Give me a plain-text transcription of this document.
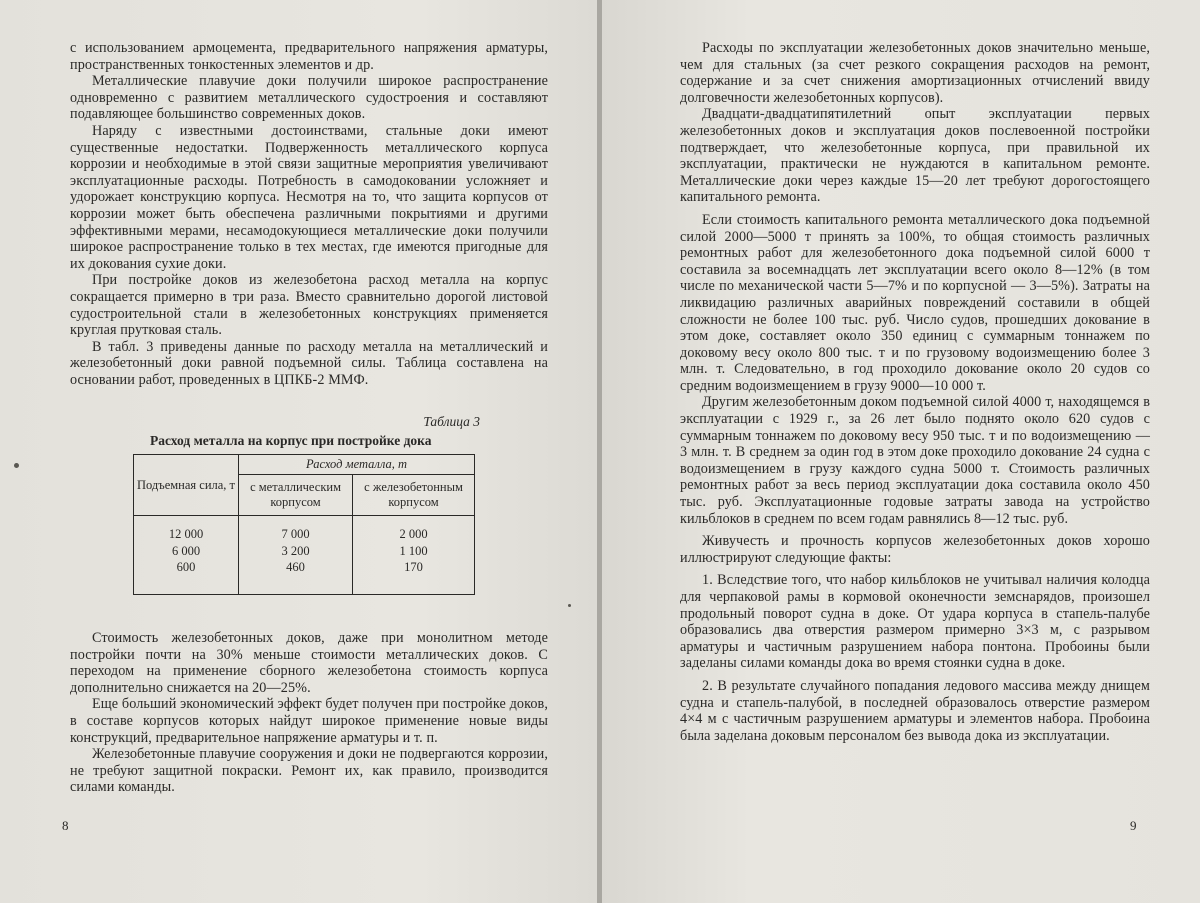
с использованием армоцемента, предварительного напряжения арматуры, пространственных тонкостенных элементов и др.

Металлические плавучие доки получили широкое распространение одновременно с развитием металлического судостроения и составляют подавляющее большинство современных доков.

Наряду с известными достоинствами, стальные доки имеют существенные недостатки. Подверженность металлического корпуса коррозии и необходимые в этой связи защитные мероприятия увеличивают эксплуатационные расходы. Потребность в самодоковании усложняет и удорожает конструкцию корпуса. Несмотря на то, что защита корпусов от коррозии может быть обеспечена различными покрытиями и другими эффективными мерами, несамодокующиеся металлические доки получили широкое распространение только в тех местах, где имеются пригодные для их докования сухие доки.

При постройке доков из железобетона расход металла на корпус сокращается примерно в три раза. Вместо сравнительно дорогой листовой судостроительной стали в железобетонных конструкциях применяется круглая прутковая сталь.

В табл. 3 приведены данные по расходу металла на металлический и железобетонный доки равной подъемной силы. Таблица составлена на основании работ, проведенных в ЦПКБ-2 ММФ.

Таблица 3
Расход металла на корпус при постройке дока
Подъемная сила, т	Расход металла, т	
	с металлическим корпусом	с железобетонным корпусом
12 000	7 000	2 000
6 000	3 200	1 100
600	460	170

Стоимость железобетонных доков, даже при монолитном методе постройки почти на 30% меньше стоимости металлических доков. С переходом на применение сборного железобетона стоимость корпуса дополнительно снижается на 20—25%.

Еще больший экономический эффект будет получен при постройке доков, в составе корпусов которых найдут широкое применение новые виды конструкций, предварительное напряжение арматуры и т. п.

Железобетонные плавучие сооружения и доки не подвергаются коррозии, не требуют защитной покраски. Ремонт их, как правило, производится силами команды.

8

Расходы по эксплуатации железобетонных доков значительно меньше, чем для стальных (за счет резкого сокращения расходов на ремонт, содержание и за счет снижения амортизационных отчислений ввиду долговечности железобетонных корпусов).

Двадцати-двадцатипятилетний опыт эксплуатации первых железобетонных доков и эксплуатация доков послевоенной постройки подтверждает, что железобетонные корпуса, при правильной их эксплуатации, практически не нуждаются в капитальном ремонте. Металлические доки через каждые 15—20 лет требуют дорогостоящего капитального ремонта.

Если стоимость капитального ремонта металлического дока подъемной силой 2000—5000 т принять за 100%, то общая стоимость различных ремонтных работ для железобетонного дока подъемной силой 6000 т составила за восемнадцать лет эксплуатации всего около 8—12% (в том числе по механической части 5—7% и по корпусной — 3—5%). Затраты на ликвидацию различных аварийных повреждений составили в общей сложности не более 100 тыс. руб. Число судов, прошедших докование в этом доке, составляет около 350 единиц с суммарным тоннажем по доковому весу около 800 тыс. т и по грузовому водоизмещению более 3 млн. т. Следовательно, в год проходило докование около 20 судов со средним водоизмещением в грузу 9000—10 000 т.

Другим железобетонным доком подъемной силой 4000 т, находящемся в эксплуатации с 1929 г., за 26 лет было поднято около 620 судов с суммарным тоннажем по доковому весу 950 тыс. т и по водоизмещению — 3 млн. т. В среднем за один год в этом доке проходило докование 24 судна с водоизмещением в грузу каждого судна 5000 т. Стоимость различных ремонтных работ за весь период эксплуатации дока составила около 450 тыс. руб. Эксплуатационные годовые затраты завода на устройство кильблоков в среднем по всем годам равнялись 8—12 тыс. руб.

Живучесть и прочность корпусов железобетонных доков хорошо иллюстрируют следующие факты:

1. Вследствие того, что набор кильблоков не учитывал наличия колодца для черпаковой рамы в кормовой оконечности земснарядов, произошел продольный поворот судна в доке. От удара корпуса в стапель-палубе образовались два отверстия размером примерно 3×3 м, с разрывом арматуры и частичным разрушением набора понтона. Пробоины были заделаны силами команды дока во время стоянки судна в доке.

2. В результате случайного попадания ледового массива между днищем судна и стапель-палубой, в последней образовалось отверстие размером 4×4 м с частичным разрушением арматуры и элементов набора. Пробоина была заделана доковым персоналом без вывода дока из эксплуатации.

9
